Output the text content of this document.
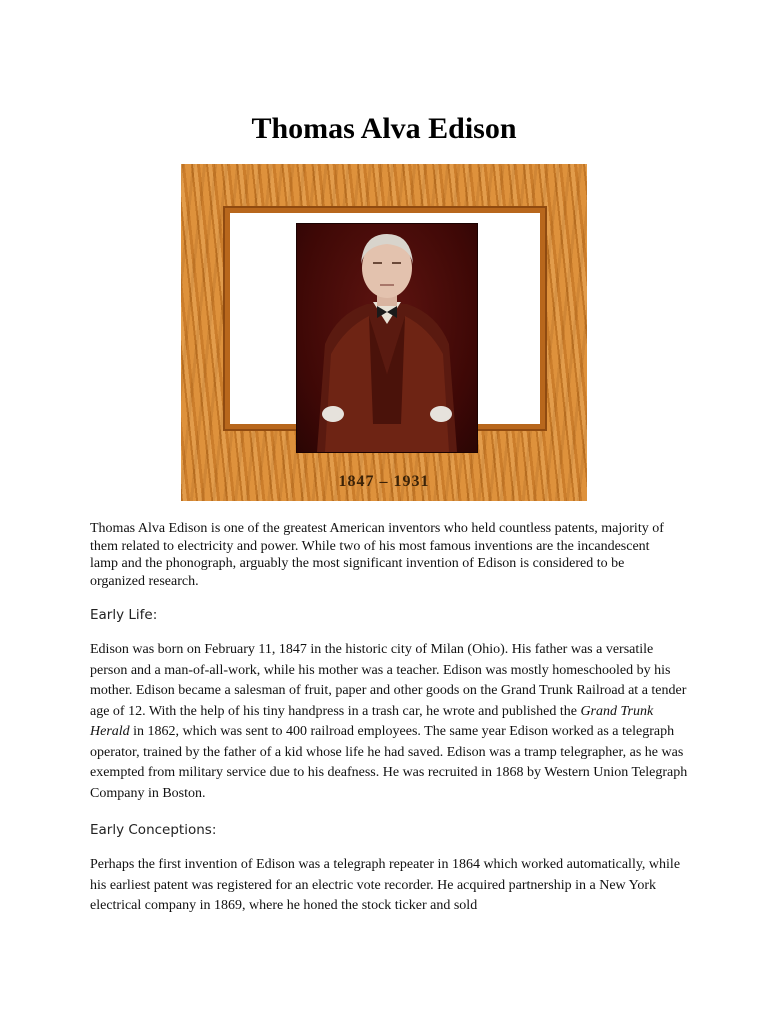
Thomas Alva Edison
1847 – 1931
Thomas Alva Edison is one of the greatest American inventors who held countless patents, majority of them related to electricity and power. While two of his most famous inventions are the incandescent lamp and the phonograph, arguably the most significant invention of Edison is considered to be organized research.
Early Life:
Edison was born on February 11, 1847 in the historic city of Milan (Ohio). His father was a versatile person and a man-of-all-work, while his mother was a teacher. Edison was mostly homeschooled by his mother. Edison became a salesman of fruit, paper and other goods on the Grand Trunk Railroad at a tender age of 12. With the help of his tiny handpress in a trash car, he wrote and published the Grand Trunk Herald in 1862, which was sent to 400 railroad employees. The same year Edison worked as a telegraph operator, trained by the father of a kid whose life he had saved. Edison was a tramp telegrapher, as he was exempted from military service due to his deafness. He was recruited in 1868 by Western Union Telegraph Company in Boston.
Early Conceptions:
Perhaps the first invention of Edison was a telegraph repeater in 1864 which worked automatically, while his earliest patent was registered for an electric vote recorder. He acquired partnership in a New York electrical company in 1869, where he honed the stock ticker and sold
